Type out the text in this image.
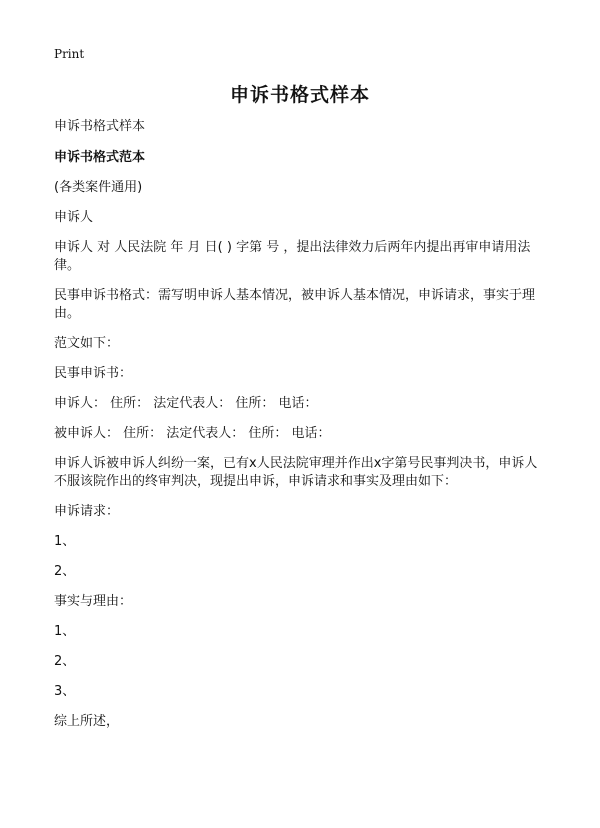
Print
申诉书格式样本

申诉书格式样本

申诉书格式范本

(各类案件通用)

申诉人

申诉人 对 人民法院 年 月 日( ) 字第 号 ，提出法律效力后两年内提出再审申请用法律。

民事申诉书格式：需写明申诉人基本情况，被申诉人基本情况，申诉请求，事实于理由。

范文如下：

民事申诉书：

申诉人： 住所： 法定代表人： 住所： 电话：

被申诉人： 住所： 法定代表人： 住所： 电话：

申诉人诉被申诉人纠纷一案，已有x人民法院审理并作出x字第号民事判决书，申诉人不服该院作出的终审判决，现提出申诉，申诉请求和事实及理由如下：

申诉请求：

1、

2、

事实与理由：

1、

2、

3、

综上所述，
